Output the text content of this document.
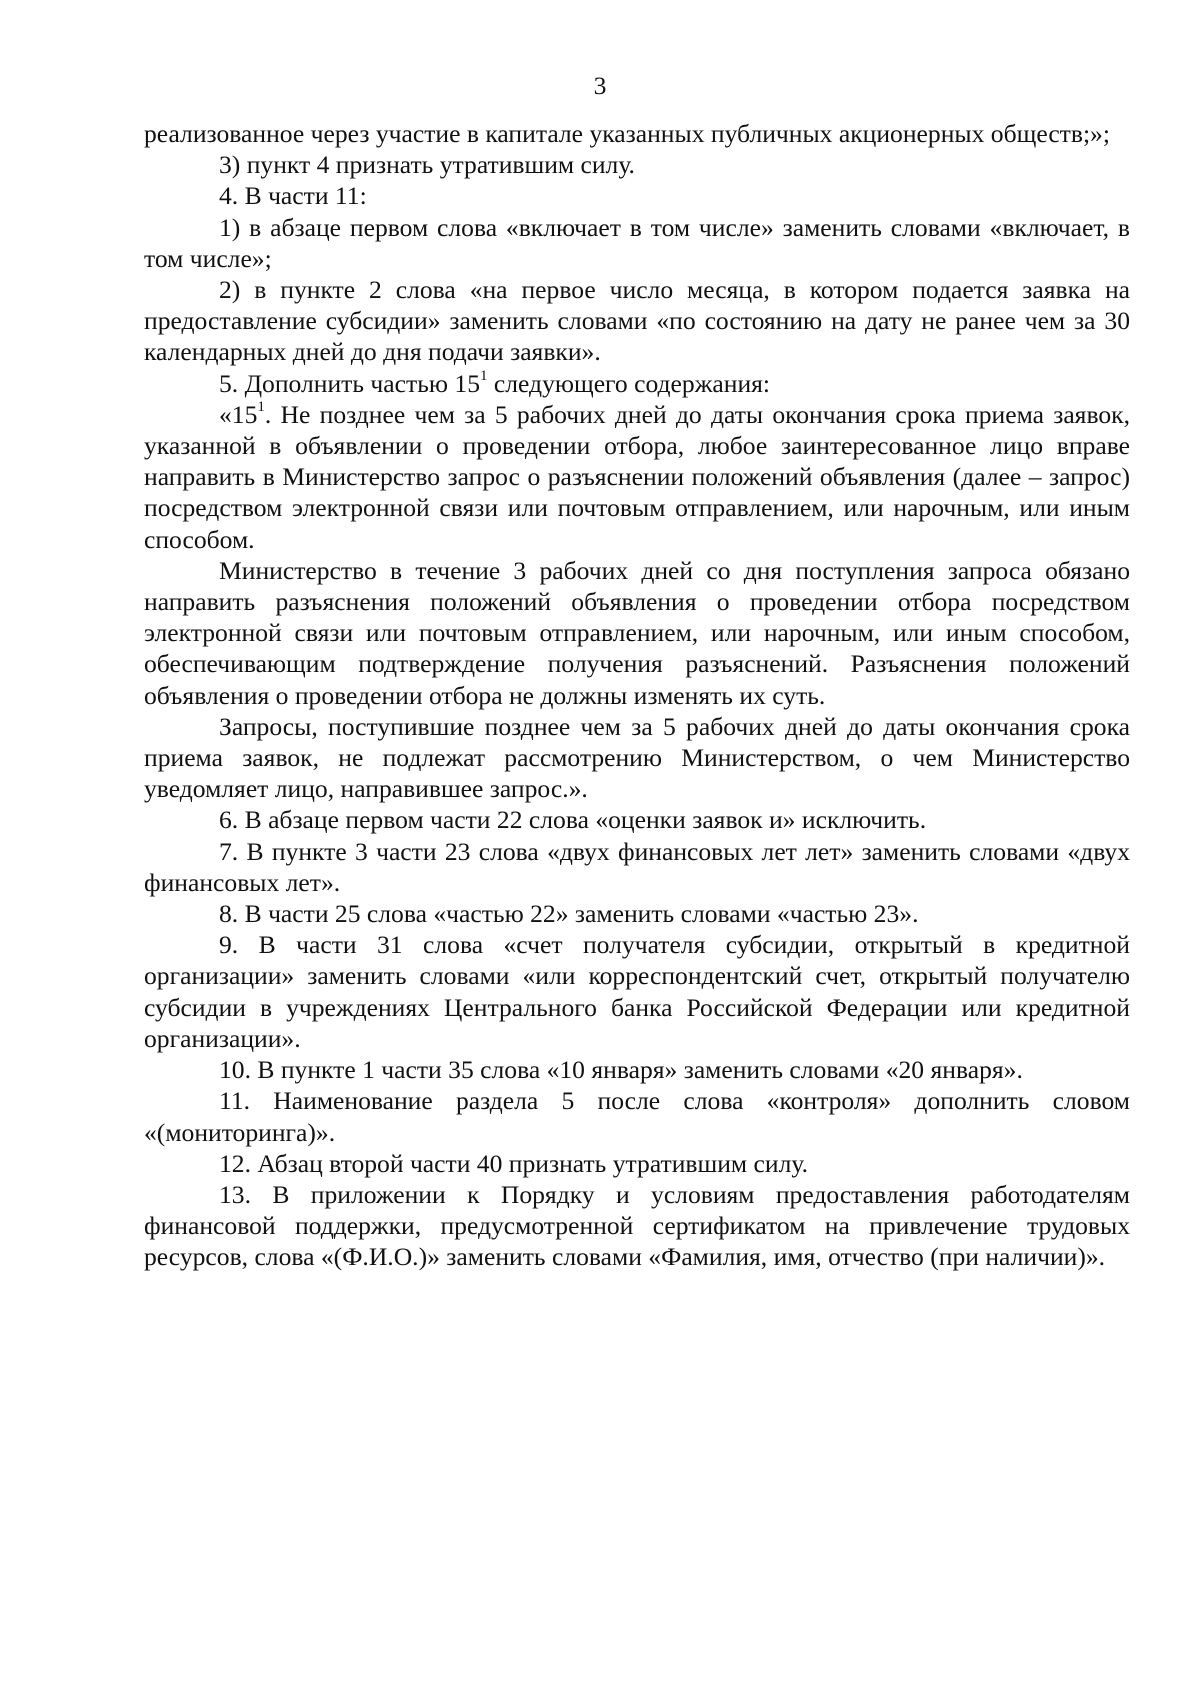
3

реализованное через участие в капитале указанных публичных акционерных обществ;»;

3) пункт 4 признать утратившим силу.

4. В части 11:

1) в абзаце первом слова «включает в том числе» заменить словами «включает, в том числе»;

2) в пункте 2 слова «на первое число месяца, в котором подается заявка на предоставление субсидии» заменить словами «по состоянию на дату не ранее чем за 30 календарных дней до дня подачи заявки».

5. Дополнить частью $15^1$ следующего содержания:

«$15^1$. Не позднее чем за 5 рабочих дней до даты окончания срока приема заявок, указанной в объявлении о проведении отбора, любое заинтересованное лицо вправе направить в Министерство запрос о разъяснении положений объявления (далее – запрос) посредством электронной связи или почтовым отправлением, или нарочным, или иным способом.

Министерство в течение 3 рабочих дней со дня поступления запроса обязано направить разъяснения положений объявления о проведении отбора посредством электронной связи или почтовым отправлением, или нарочным, или иным способом, обеспечивающим подтверждение получения разъяснений. Разъяснения положений объявления о проведении отбора не должны изменять их суть.

Запросы, поступившие позднее чем за 5 рабочих дней до даты окончания срока приема заявок, не подлежат рассмотрению Министерством, о чем Министерство уведомляет лицо, направившее запрос.».

6. В абзаце первом части 22 слова «оценки заявок и» исключить.

7. В пункте 3 части 23 слова «двух финансовых лет лет» заменить словами «двух финансовых лет».

8. В части 25 слова «частью 22» заменить словами «частью 23».

9. В части 31 слова «счет получателя субсидии, открытый в кредитной организации» заменить словами «или корреспондентский счет, открытый получателю субсидии в учреждениях Центрального банка Российской Федерации или кредитной организации».

10. В пункте 1 части 35 слова «10 января» заменить словами «20 января».

11. Наименование раздела 5 после слова «контроля» дополнить словом «(мониторинга)».

12. Абзац второй части 40 признать утратившим силу.

13. В приложении к Порядку и условиям предоставления работодателям финансовой поддержки, предусмотренной сертификатом на привлечение трудовых ресурсов, слова «(Ф.И.О.)» заменить словами «Фамилия, имя, отчество (при наличии)».
